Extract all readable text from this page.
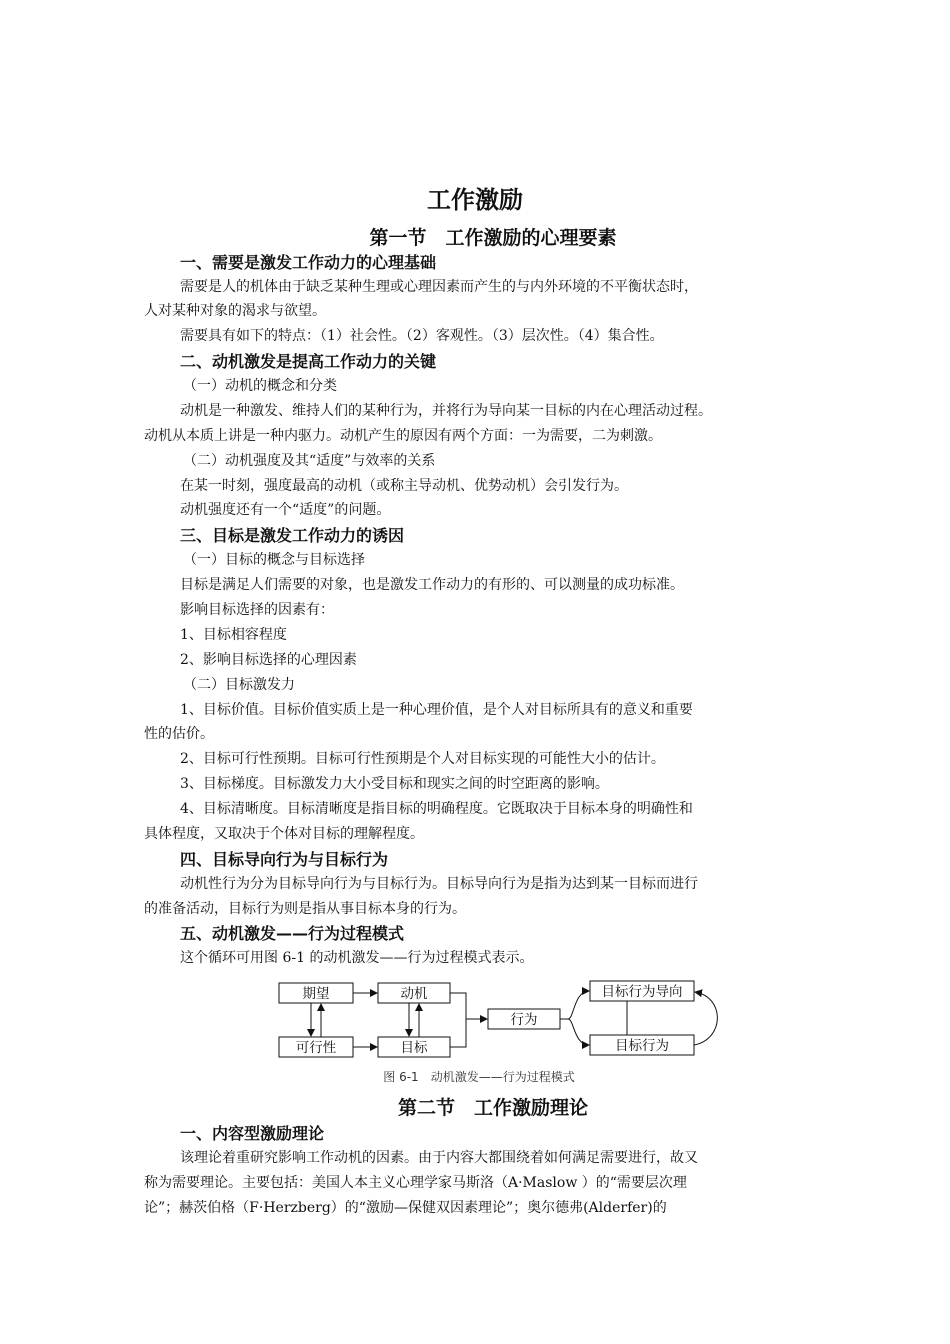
工作激励
第一节　工作激励的心理要素
一、需要是激发工作动力的心理基础
需要是人的机体由于缺乏某种生理或心理因素而产生的与内外环境的不平衡状态时，
人对某种对象的渴求与欲望。
需要具有如下的特点：（1）社会性。（2）客观性。（3）层次性。（4）集合性。
二、动机激发是提高工作动力的关键
（一）动机的概念和分类
动机是一种激发、维持人们的某种行为，并将行为导向某一目标的内在心理活动过程。
动机从本质上讲是一种内驱力。动机产生的原因有两个方面：一为需要，二为刺激。
（二）动机强度及其“适度”与效率的关系
在某一时刻，强度最高的动机（或称主导动机、优势动机）会引发行为。
动机强度还有一个“适度”的问题。
三、目标是激发工作动力的诱因
（一）目标的概念与目标选择
目标是满足人们需要的对象，也是激发工作动力的有形的、可以测量的成功标准。
影响目标选择的因素有：
1、目标相容程度
2、影响目标选择的心理因素
（二）目标激发力
1、目标价值。目标价值实质上是一种心理价值，是个人对目标所具有的意义和重要
性的估价。
2、目标可行性预期。目标可行性预期是个人对目标实现的可能性大小的估计。
3、目标梯度。目标激发力大小受目标和现实之间的时空距离的影响。
4、目标清晰度。目标清晰度是指目标的明确程度。它既取决于目标本身的明确性和
具体程度，又取决于个体对目标的理解程度。
四、目标导向行为与目标行为
动机性行为分为目标导向行为与目标行为。目标导向行为是指为达到某一目标而进行
的准备活动，目标行为则是指从事目标本身的行为。
五、动机激发——行为过程模式
这个循环可用图 6-1 的动机激发——行为过程模式表示。
期望	动机
可行性	目标
行为
目标行为导向
目标行为
图 6-1　动机激发——行为过程模式
第二节　工作激励理论
一、内容型激励理论
该理论着重研究影响工作动机的因素。由于内容大都围绕着如何满足需要进行，故又
称为需要理论。主要包括：美国人本主义心理学家马斯洛（A·Maslow ）的“需要层次理
论”；赫茨伯格（F·Herzberg）的“激励—保健双因素理论”；奥尔德弗(Alderfer)的
